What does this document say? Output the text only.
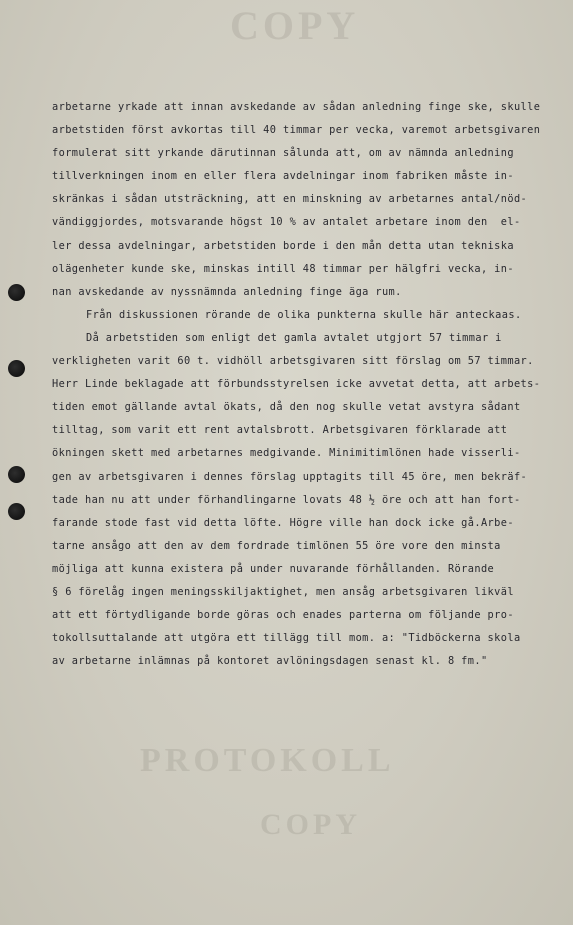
COPY
PROTOKOLL
COPY
arbetarne yrkade att innan avskedande av sådan anledning finge ske, skulle
arbetstiden först avkortas till 40 timmar per vecka, varemot arbetsgivaren
formulerat sitt yrkande därutinnan sålunda att, om av nämnda anledning
tillverkningen inom en eller flera avdelningar inom fabriken måste in-
skränkas i sådan utsträckning, att en minskning av arbetarnes antal/nöd-
vändiggjordes, motsvarande högst 10 % av antalet arbetare inom den  el-
ler dessa avdelningar, arbetstiden borde i den mån detta utan tekniska
olägenheter kunde ske, minskas intill 48 timmar per hälgfri vecka, in-
nan avskedande av nyssnämnda anledning finge äga rum.
Från diskussionen rörande de olika punkterna skulle här anteckaas.
Då arbetstiden som enligt det gamla avtalet utgjort 57 timmar i
verkligheten varit 60 t. vidhöll arbetsgivaren sitt förslag om 57 timmar.
Herr Linde beklagade att förbundsstyrelsen icke avvetat detta, att arbets-
tiden emot gällande avtal ökats, då den nog skulle vetat avstyra sådant
tilltag, som varit ett rent avtalsbrott. Arbetsgivaren förklarade att
ökningen skett med arbetarnes medgivande. Minimitimlönen hade visserli-
gen av arbetsgivaren i dennes förslag upptagits till 45 öre, men bekräf-
tade han nu att under förhandlingarne lovats 48 ½ öre och att han fort-
farande stode fast vid detta löfte. Högre ville han dock icke gå.Arbe-
tarne ansågo att den av dem fordrade timlönen 55 öre vore den minsta
möjliga att kunna existera på under nuvarande förhållanden. Rörande
§ 6 förelåg ingen meningsskiljaktighet, men ansåg arbetsgivaren likväl
att ett förtydligande borde göras och enades parterna om följande pro-
tokollsuttalande att utgöra ett tillägg till mom. a: "Tidböckerna skola
av arbetarne inlämnas på kontoret avlöningsdagen senast kl. 8 fm."
